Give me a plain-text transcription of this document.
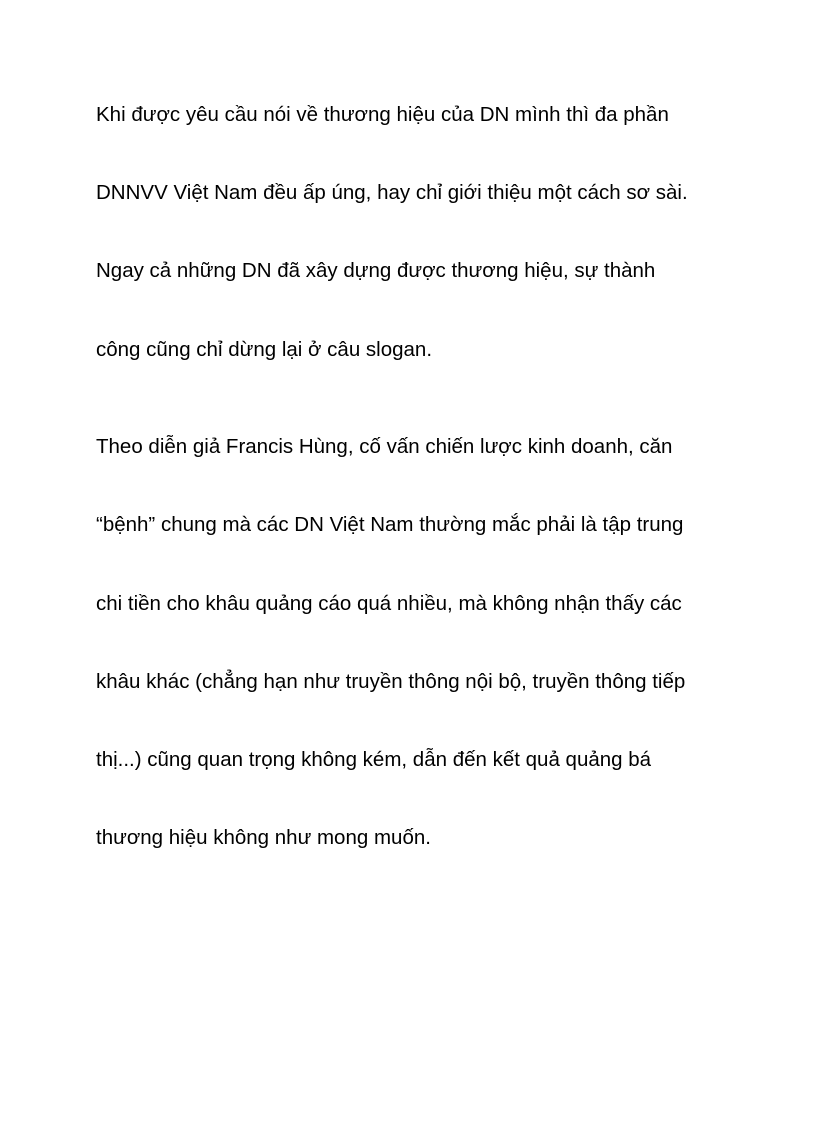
Khi được yêu cầu nói về thương hiệu của DN mình thì đa phần

DNNVV Việt Nam đều ấp úng, hay chỉ giới thiệu một cách sơ sài.

Ngay cả những DN đã xây dựng được thương hiệu, sự thành

công cũng chỉ dừng lại ở câu slogan.

Theo diễn giả Francis Hùng, cố vấn chiến lược kinh doanh, căn

“bệnh” chung mà các DN Việt Nam thường mắc phải là tập trung

chi tiền cho khâu quảng cáo quá nhiều, mà không nhận thấy các

khâu khác (chẳng hạn như truyền thông nội bộ, truyền thông tiếp

thị...) cũng quan trọng không kém, dẫn đến kết quả quảng bá

thương hiệu không như mong muốn.
